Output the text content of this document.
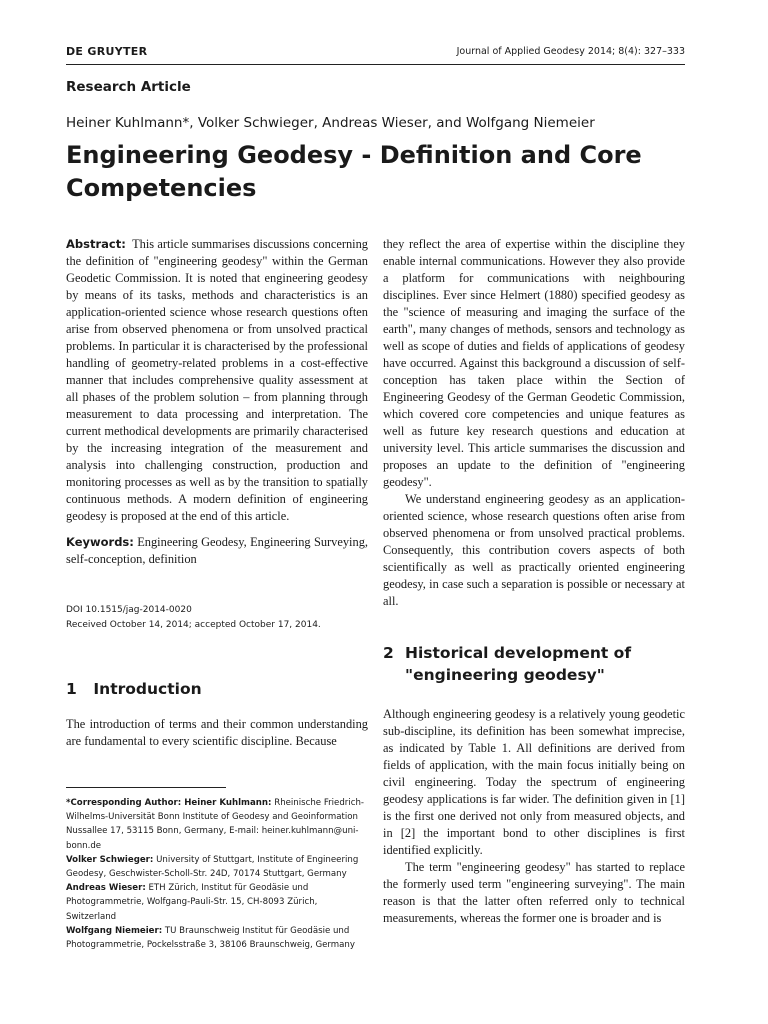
DE GRUYTER	Journal of Applied Geodesy 2014; 8(4): 327–333
Research Article
Heiner Kuhlmann*, Volker Schwieger, Andreas Wieser, and Wolfgang Niemeier
Engineering Geodesy - Definition and Core Competencies

Abstract: This article summarises discussions concerning the definition of "engineering geodesy" within the German Geodetic Commission. It is noted that engineering geodesy by means of its tasks, methods and characteristics is an application-oriented science whose research questions often arise from observed phenomena or from unsolved practical problems. In particular it is characterised by the professional handling of geometry-related problems in a cost-effective manner that includes comprehensive quality assessment at all phases of the problem solution – from planning through measurement to data processing and interpretation. The current methodical developments are primarily characterised by the increasing integration of the measurement and analysis into challenging construction, production and monitoring processes as well as by the transition to spatially continuous methods. A modern definition of engineering geodesy is proposed at the end of this article.

Keywords: Engineering Geodesy, Engineering Surveying, self-conception, definition

DOI 10.1515/jag-2014-0020
Received October 14, 2014; accepted October 17, 2014.
1 Introduction

The introduction of terms and their common understanding are fundamental to every scientific discipline. Because

*Corresponding Author: Heiner Kuhlmann: Rheinische Friedrich-Wilhelms-Universität Bonn Institute of Geodesy and Geoinformation Nussallee 17, 53115 Bonn, Germany, E-mail: heiner.kuhlmann@uni-bonn.de

Volker Schwieger: University of Stuttgart, Institute of Engineering Geodesy, Geschwister-Scholl-Str. 24D, 70174 Stuttgart, Germany

Andreas Wieser: ETH Zürich, Institut für Geodäsie und Photogrammetrie, Wolfgang-Pauli-Str. 15, CH-8093 Zürich, Switzerland

Wolfgang Niemeier: TU Braunschweig Institut für Geodäsie und Photogrammetrie, Pockelsstraße 3, 38106 Braunschweig, Germany

they reflect the area of expertise within the discipline they enable internal communications. However they also provide a platform for communications with neighbouring disciplines. Ever since Helmert (1880) specified geodesy as the "science of measuring and imaging the surface of the earth", many changes of methods, sensors and technology as well as scope of duties and fields of applications of geodesy have occurred. Against this background a discussion of self-conception has taken place within the Section of Engineering Geodesy of the German Geodetic Commission, which covered core competencies and unique features as well as future key research questions and education at university level. This article summarises the discussion and proposes an update to the definition of "engineering geodesy".

We understand engineering geodesy as an application-oriented science, whose research questions often arise from observed phenomena or from unsolved practical problems. Consequently, this contribution covers aspects of both scientifically as well as practically oriented engineering geodesy, in case such a separation is possible or necessary at all.

2 Historical development of
"engineering geodesy"

Although engineering geodesy is a relatively young geodetic sub-discipline, its definition has been somewhat imprecise, as indicated by Table 1. All definitions are derived from fields of application, with the main focus initially being on civil engineering. Today the spectrum of engineering geodesy applications is far wider. The definition given in [1] is the first one derived not only from measured objects, and in [2] the important bond to other disciplines is first identified explicitly.

The term "engineering geodesy" has started to replace the formerly used term "engineering surveying". The main reason is that the latter often referred only to technical measurements, whereas the former one is broader and is
